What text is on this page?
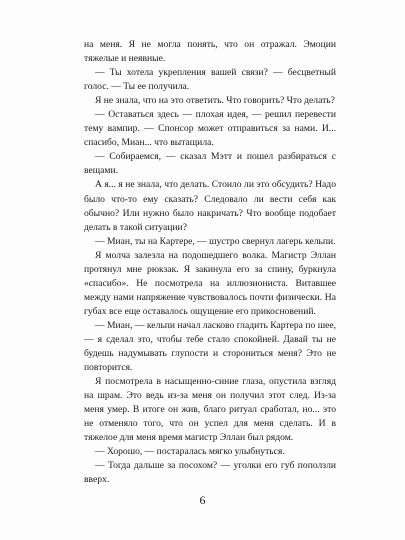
на меня. Я не могла понять, что он отражал. Эмоции тяжелые и неявные.

— Ты хотела укрепления вашей связи? — бесцветный голос. — Ты ее получила.

Я не знала, что на это ответить. Что говорить? Что делать?

— Оставаться здесь — плохая идея, — решил перевести тему вампир. — Спонсор может отправиться за нами. И... спасибо, Миан... что вытащила.

— Собираемся, — сказал Мэтт и пошел разбираться с вещами.

А я... я не знала, что делать. Стоило ли это обсудить? Надо было что-то ему сказать? Следовало ли вести себя как обычно? Или нужно было накричать? Что вообще подобает делать в такой ситуации?

— Миан, ты на Картере, — шустро свернул лагерь кельпи.

Я молча залезла на подошедшего волка. Магистр Эллан протянул мне рюкзак. Я закинула его за спину, буркнула «спасибо». Не посмотрела на иллюзиониста. Витавшее между нами напряжение чувствовалось почти физически. На губах все еще оставалось ощущение его прикосновений.

— Миан, — кельпи начал ласково гладить Картера по шее, — я сделал это, чтобы тебе стало спокойней. Давай ты не будешь надумывать глупости и сторониться меня? Это не повторится.

Я посмотрела в насыщенно-синие глаза, опустила взгляд на шрам. Это ведь из-за меня он получил этот след. Из-за меня умер. В итоге он жив, благо ритуал сработал, но... это не отменяло того, что он успел для меня сделать. И в тяжелое для меня время магистр Эллан был рядом.

— Хорошо, — постаралась мягко улыбнуться.

— Тогда дальше за посохом? — уголки его губ поползли вверх.

6
